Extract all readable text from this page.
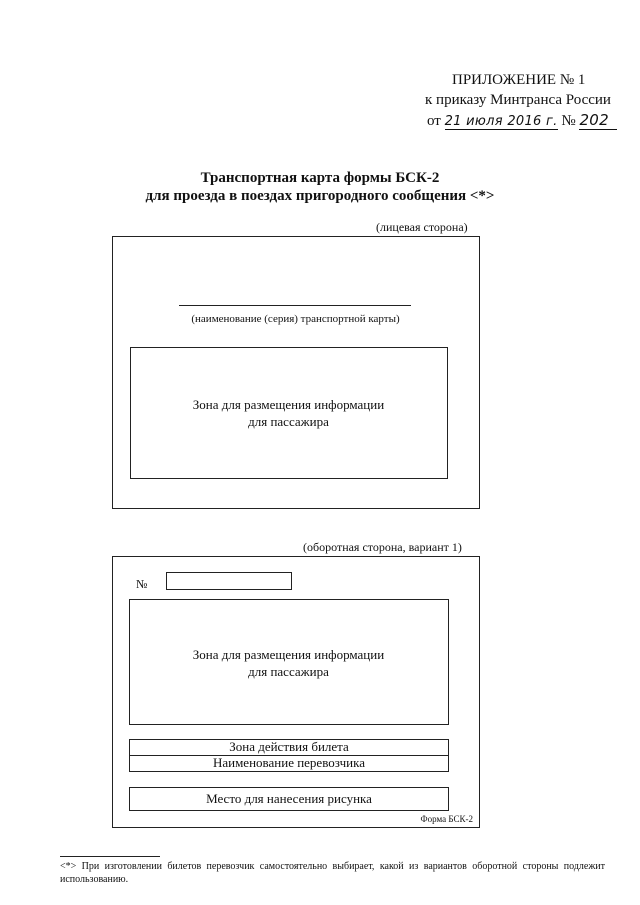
ПРИЛОЖЕНИЕ № 1
к приказу Минтранса России
от 21 июля 2016 г. № 202
Транспортная карта формы БСК-2
для проезда в поездах пригородного сообщения <*>
(лицевая сторона)
(наименование (серия) транспортной карты)
Зона для размещения информации
для пассажира
(оборотная сторона, вариант 1)
№
Зона для размещения информации
для пассажира
Зона действия билета
Наименование перевозчика
Место для нанесения рисунка
Форма БСК-2
<*> При изготовлении билетов перевозчик самостоятельно выбирает, какой из вариантов оборотной стороны подлежит использованию.
